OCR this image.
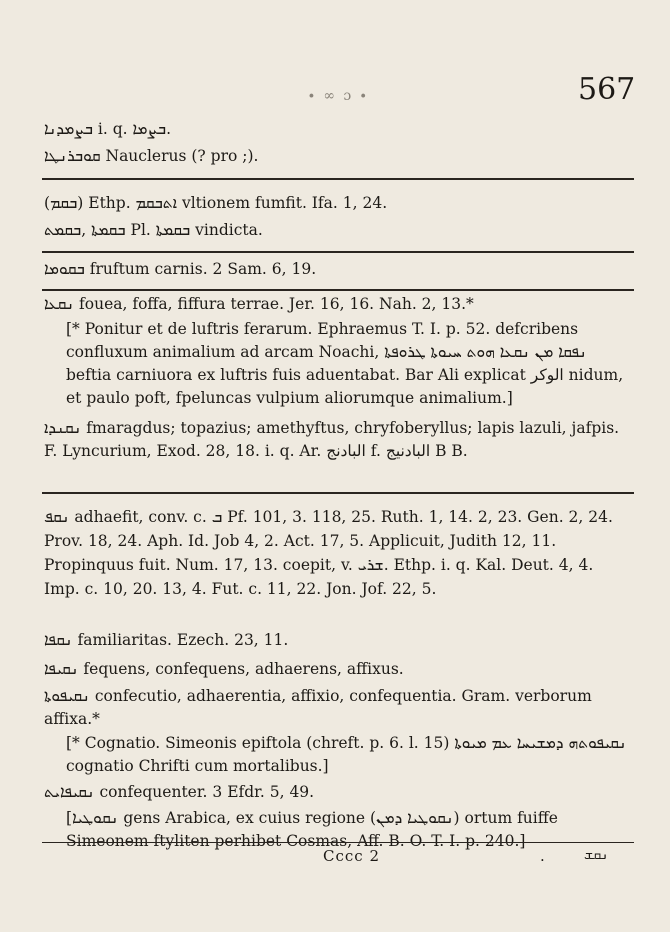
∙ ∞ ɔ ∙	567
ܒܨܡܕܢܐ i. q. ܒܨܡܐ.
ܩܘܒܪܢܛܐ Nauclerus (? pro ;).
(ܒܩܡ) Ethp. ܐܬܒܩܡ vltionem fumfit. Ifa. 1, 24.
ܒܩܡܬܐ ,ܒܩܡܬ Pl. ܒܩܡܬܐ vindicta.
ܒܩܘܡܐ fruftum carnis. 2 Sam. 6, 19.
ܢܩܥܐ fouea, foffa, fiffura terrae. Jer. 16, 16. Nah. 2, 13.*
[* Ponitur et de luftris ferarum. Ephraemus T. I. p. 52. defcribens confluxum animalium ad arcam Noachi, ܢܦܩܐ ܡܢ ܢܩܥܐ ܗܘܬ ܚܝܘܬܐ ܛܪܘܦܬܐ beftia carniuora ex luftris fuis aduentabat. Bar Ali explicat الوكر nidum, et paulo poft, fpeluncas vulpium aliorumque animalium.]
ܢܩܢܕܐ fmaragdus; topazius; amethyftus, chryfoberyllus; lapis lazuli, jafpis. F. Lyncurium, Exod. 28, 18. i. q. Ar. البادنج f. البادنيج B B.
ܢܩܦ adhaefit, conv. c. ܒ Pf. 101, 3. 118, 25. Ruth. 1, 14. 2, 23. Gen. 2, 24. Prov. 18, 24. Aph. Id. Job 4, 2. Act. 17, 5. Applicuit, Judith 12, 11. Propinquus fuit. Num. 17, 13. coepit, v. ܫܪܝ. Ethp. i. q. Kal. Deut. 4, 4. Imp. c. 10, 20. 13, 4. Fut. c. 11, 22. Jon. Jof. 22, 5.
ܢܩܦܐ familiaritas. Ezech. 23, 11.
ܢܩܝܦܐ fequens, confequens, adhaerens, affixus.
ܢܩܝܦܘܬܐ confecutio, adhaerentia, affixio, confequentia. Gram. verborum affixa.*
[* Cognatio. Simeonis epiftola (chreft. p. 6. l. 15) ܢܩܝܦܘܬܗ ܕܡܫܝܚܐ ܥܡ ܡܝܘܬܐ cognatio Chrifti cum mortalibus.]
ܢܩܝܦܐܝܬ confequenter. 3 Efdr. 5, 49.
[ܢܩܘܛܝܐ gens Arabica, ex cuius regione (ܢܩܘܛܝܐ ܕܡܢ) ortum fuiffe Simeonem ftyliten perhibet Cosmas, Aff. B. O. T. I. p. 240.]
Cccc 2	.	ܢܩܫ
